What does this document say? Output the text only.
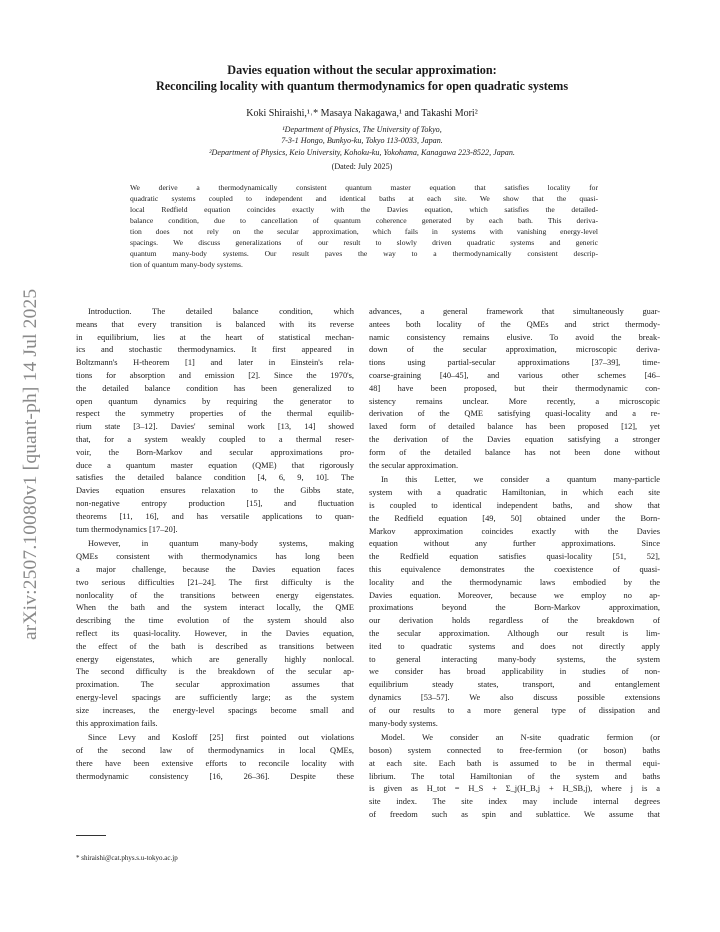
arXiv:2507.10080v1 [quant-ph] 14 Jul 2025
Davies equation without the secular approximation:
Reconciling locality with quantum thermodynamics for open quadratic systems
Koki Shiraishi,¹˒* Masaya Nakagawa,¹ and Takashi Mori²
¹Department of Physics, The University of Tokyo,
7-3-1 Hongo, Bunkyo-ku, Tokyo 113-0033, Japan.
²Department of Physics, Keio University, Kohoku-ku, Yokohama, Kanagawa 223-8522, Japan.
(Dated: July 2025)
We derive a thermodynamically consistent quantum master equation that satisfies locality for
quadratic systems coupled to independent and identical baths at each site. We show that the quasi-
local Redfield equation coincides exactly with the Davies equation, which satisfies the detailed-
balance condition, due to cancellation of quantum coherence generated by each bath. This deriva-
tion does not rely on the secular approximation, which fails in systems with vanishing energy-level
spacings. We discuss generalizations of our result to slowly driven quadratic systems and generic
quantum many-body systems. Our result paves the way to a thermodynamically consistent descrip-
tion of quantum many-body systems.
Introduction. The detailed balance condition, which
means that every transition is balanced with its reverse
in equilibrium, lies at the heart of statistical mechan-
ics and stochastic thermodynamics. It first appeared in
Boltzmann's H-theorem [1] and later in Einstein's rela-
tions for absorption and emission [2]. Since the 1970's,
the detailed balance condition has been generalized to
open quantum dynamics by requiring the generator to
respect the symmetry properties of the thermal equilib-
rium state [3–12]. Davies' seminal work [13, 14] showed
that, for a system weakly coupled to a thermal reser-
voir, the Born-Markov and secular approximations pro-
duce a quantum master equation (QME) that rigorously
satisfies the detailed balance condition [4, 6, 9, 10]. The
Davies equation ensures relaxation to the Gibbs state,
non-negative entropy production [15], and fluctuation
theorems [11, 16], and has versatile applications to quan-
tum thermodynamics [17–20].
However, in quantum many-body systems, making
QMEs consistent with thermodynamics has long been
a major challenge, because the Davies equation faces
two serious difficulties [21–24]. The first difficulty is the
nonlocality of the transitions between energy eigenstates.
When the bath and the system interact locally, the QME
describing the time evolution of the system should also
reflect its quasi-locality. However, in the Davies equation,
the effect of the bath is described as transitions between
energy eigenstates, which are generally highly nonlocal.
The second difficulty is the breakdown of the secular ap-
proximation. The secular approximation assumes that
energy-level spacings are sufficiently large; as the system
size increases, the energy-level spacings become small and
this approximation fails.
Since Levy and Kosloff [25] first pointed out violations
of the second law of thermodynamics in local QMEs,
there have been extensive efforts to reconcile locality with
thermodynamic consistency [16, 26–36]. Despite these
advances, a general framework that simultaneously guar-
antees both locality of the QMEs and strict thermody-
namic consistency remains elusive. To avoid the break-
down of the secular approximation, microscopic deriva-
tions using partial-secular approximations [37–39], time-
coarse-graining [40–45], and various other schemes [46–
48] have been proposed, but their thermodynamic con-
sistency remains unclear. More recently, a microscopic
derivation of the QME satisfying quasi-locality and a re-
laxed form of detailed balance has been proposed [12], yet
the derivation of the Davies equation satisfying a stronger
form of the detailed balance has not been done without
the secular approximation.
In this Letter, we consider a quantum many-particle
system with a quadratic Hamiltonian, in which each site
is coupled to identical independent baths, and show that
the Redfield equation [49, 50] obtained under the Born-
Markov approximation coincides exactly with the Davies
equation without any further approximations. Since
the Redfield equation satisfies quasi-locality [51, 52],
this equivalence demonstrates the coexistence of quasi-
locality and the thermodynamic laws embodied by the
Davies equation. Moreover, because we employ no ap-
proximations beyond the Born-Markov approximation,
our derivation holds regardless of the breakdown of
the secular approximation. Although our result is lim-
ited to quadratic systems and does not directly apply
to general interacting many-body systems, the system
we consider has broad applicability in studies of non-
equilibrium steady states, transport, and entanglement
dynamics [53–57]. We also discuss possible extensions
of our results to a more general type of dissipation and
many-body systems.
Model. We consider an N-site quadratic fermion (or
boson) system connected to free-fermion (or boson) baths
at each site. Each bath is assumed to be in thermal equi-
librium. The total Hamiltonian of the system and baths
is given as H_tot = H_S + Σ_j(H_B,j + H_SB,j), where j is a
site index. The site index may include internal degrees
of freedom such as spin and sublattice. We assume that
* shiraishi@cat.phys.s.u-tokyo.ac.jp
